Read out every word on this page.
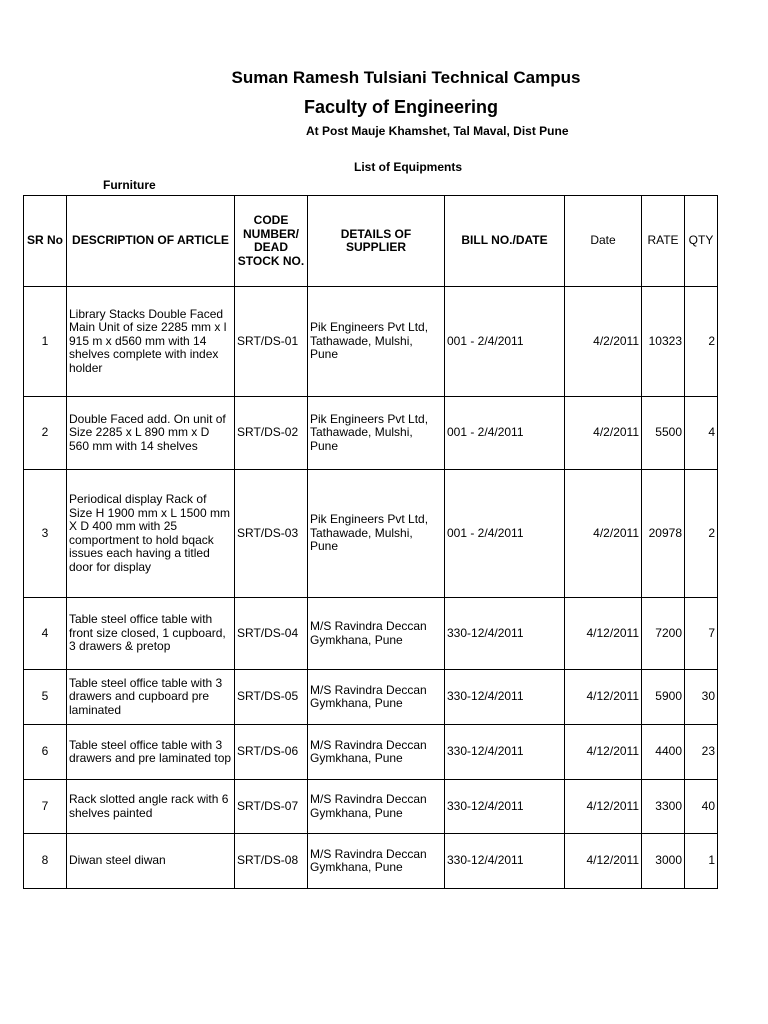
Suman Ramesh Tulsiani Technical Campus
Faculty of Engineering
At Post Mauje Khamshet, Tal Maval, Dist Pune
List of Equipments
Furniture
SR No	DESCRIPTION OF ARTICLE	CODE NUMBER/ DEAD STOCK NO.	DETAILS OF SUPPLIER	BILL NO./DATE	Date	RATE	QTY
1	Library Stacks Double Faced Main Unit of size 2285 mm x l 915 m x d560 mm with 14 shelves complete with index holder	SRT/DS-01	Pik Engineers Pvt Ltd, Tathawade, Mulshi, Pune	001 - 2/4/2011	4/2/2011	10323	2
2	Double Faced add. On unit of Size 2285 x L 890 mm x D 560 mm with 14 shelves	SRT/DS-02	Pik Engineers Pvt Ltd, Tathawade, Mulshi, Pune	001 - 2/4/2011	4/2/2011	5500	4
3	Periodical display Rack of Size H 1900 mm x L 1500 mm X D 400 mm with 25 comportment to hold bqack issues each having a titled door for display	SRT/DS-03	Pik Engineers Pvt Ltd, Tathawade, Mulshi, Pune	001 - 2/4/2011	4/2/2011	20978	2
4	Table steel office table with front size closed, 1 cupboard, 3 drawers & pretop	SRT/DS-04	M/S Ravindra Deccan Gymkhana, Pune	330-12/4/2011	4/12/2011	7200	7
5	Table steel office table with 3 drawers and cupboard pre laminated	SRT/DS-05	M/S Ravindra Deccan Gymkhana, Pune	330-12/4/2011	4/12/2011	5900	30
6	Table steel office table with 3 drawers and pre laminated top	SRT/DS-06	M/S Ravindra Deccan Gymkhana, Pune	330-12/4/2011	4/12/2011	4400	23
7	Rack slotted angle rack with 6 shelves painted	SRT/DS-07	M/S Ravindra Deccan Gymkhana, Pune	330-12/4/2011	4/12/2011	3300	40
8	Diwan steel diwan	SRT/DS-08	M/S Ravindra Deccan Gymkhana, Pune	330-12/4/2011	4/12/2011	3000	1
